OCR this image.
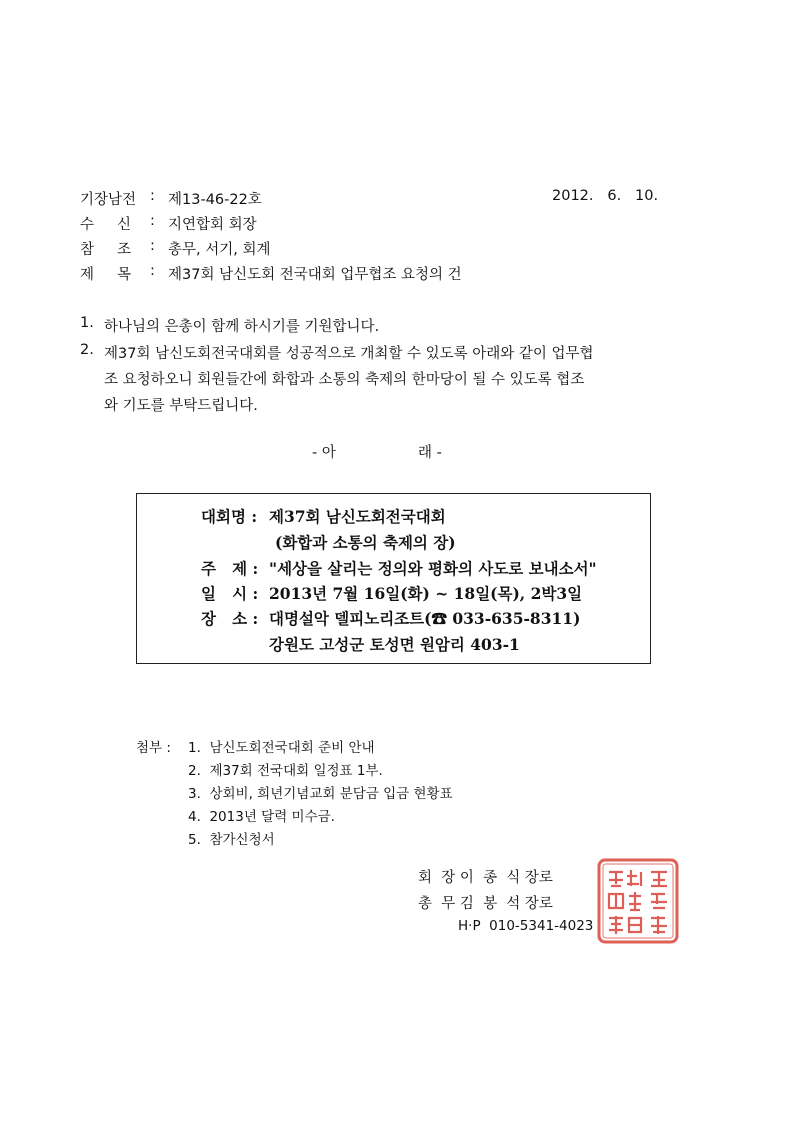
기장남전 : 제13-46-22호	2012.   6.   10.
수     신 : 지연합회 회장
참     조 : 총무, 서기, 회계
제     목 : 제37회 남신도회 전국대회 업무협조 요청의 건
1. 하나님의 은총이 함께 하시기를 기원합니다.
2. 제37회 남신도회전국대회를 성공적으로 개최할 수 있도록 아래와 같이 업무협
조 요청하오니 회원들간에 화합과 소통의 축제의 한마당이 될 수 있도록 협조
와 기도를 부탁드립니다.
- 아	래 -
대회명 : 제37회 남신도회전국대회
(화합과 소통의 축제의 장)
주   제 : "세상을 살리는 정의와 평화의 사도로 보내소서"
일   시 : 2013년 7월 16일(화) ~ 18일(목), 2박3일
장   소 : 대명설악 델피노리조트(☎ 033-635-8311)
강원도 고성군 토성면 원암리 403-1
첨부 : 1.  남신도회전국대회 준비 안내
2.  제37회 전국대회 일정표 1부.
3.  상회비, 희년기념교회 분담금 입금 현황표
4.  2013년 달력 미수금.
5.  참가신청서
회  장 이  종  식 장로
총  무 김  봉  석 장로
H·P  010-5341-4023
